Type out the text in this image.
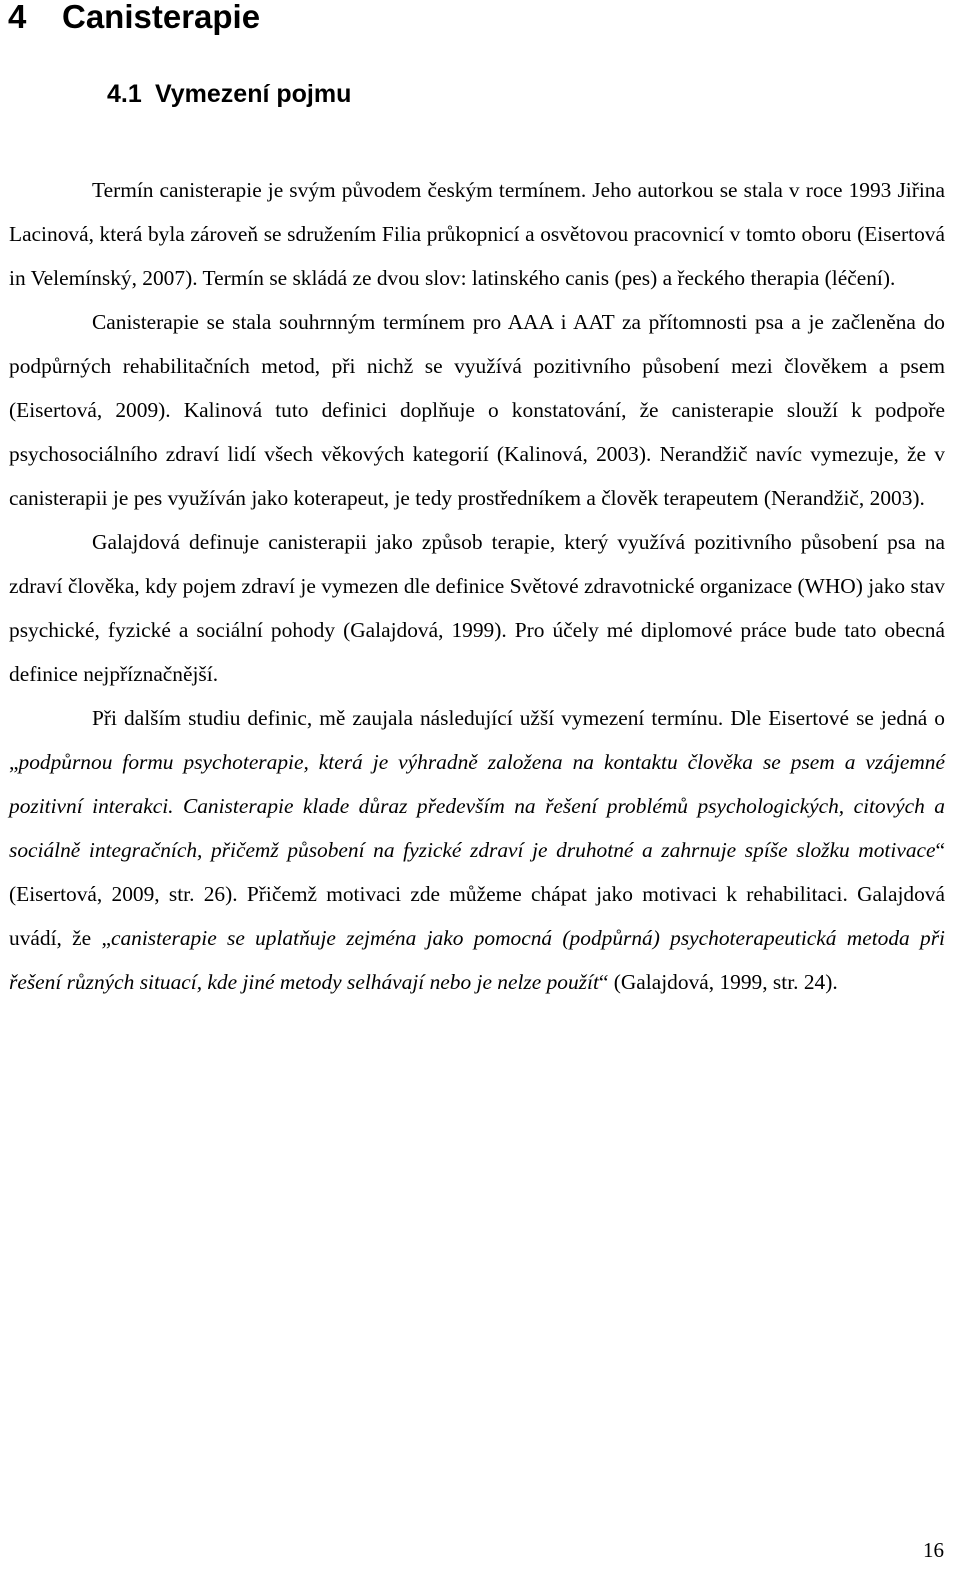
4 Canisterapie
4.1 Vymezení pojmu

Termín canisterapie je svým původem českým termínem. Jeho autorkou se stala v roce 1993 Jiřina Lacinová, která byla zároveň se sdružením Filia průkopnicí a osvětovou pracovnicí v tomto oboru (Eisertová in Velemínský, 2007). Termín se skládá ze dvou slov: latinského canis (pes) a řeckého therapia (léčení).

Canisterapie se stala souhrnným termínem pro AAA i AAT za přítomnosti psa a je začleněna do podpůrných rehabilitačních metod, při nichž se využívá pozitivního působení mezi člověkem a psem (Eisertová, 2009). Kalinová tuto definici doplňuje o konstatování, že canisterapie slouží k podpoře psychosociálního zdraví lidí všech věkových kategorií (Kalinová, 2003). Nerandžič navíc vymezuje, že v canisterapii je pes využíván jako koterapeut, je tedy prostředníkem a člověk terapeutem (Nerandžič, 2003).

Galajdová definuje canisterapii jako způsob terapie, který využívá pozitivního působení psa na zdraví člověka, kdy pojem zdraví je vymezen dle definice Světové zdravotnické organizace (WHO) jako stav psychické, fyzické a sociální pohody (Galajdová, 1999). Pro účely mé diplomové práce bude tato obecná definice nejpříznačnější.

Při dalším studiu definic, mě zaujala následující užší vymezení termínu. Dle Eisertové se jedná o „podpůrnou formu psychoterapie, která je výhradně založena na kontaktu člověka se psem a vzájemné pozitivní interakci. Canisterapie klade důraz především na řešení problémů psychologických, citových a sociálně integračních, přičemž působení na fyzické zdraví je druhotné a zahrnuje spíše složku motivace“ (Eisertová, 2009, str. 26). Přičemž motivaci zde můžeme chápat jako motivaci k rehabilitaci. Galajdová uvádí, že „canisterapie se uplatňuje zejména jako pomocná (podpůrná) psychoterapeutická metoda při řešení různých situací, kde jiné metody selhávají nebo je nelze použít“ (Galajdová, 1999, str. 24).

16
